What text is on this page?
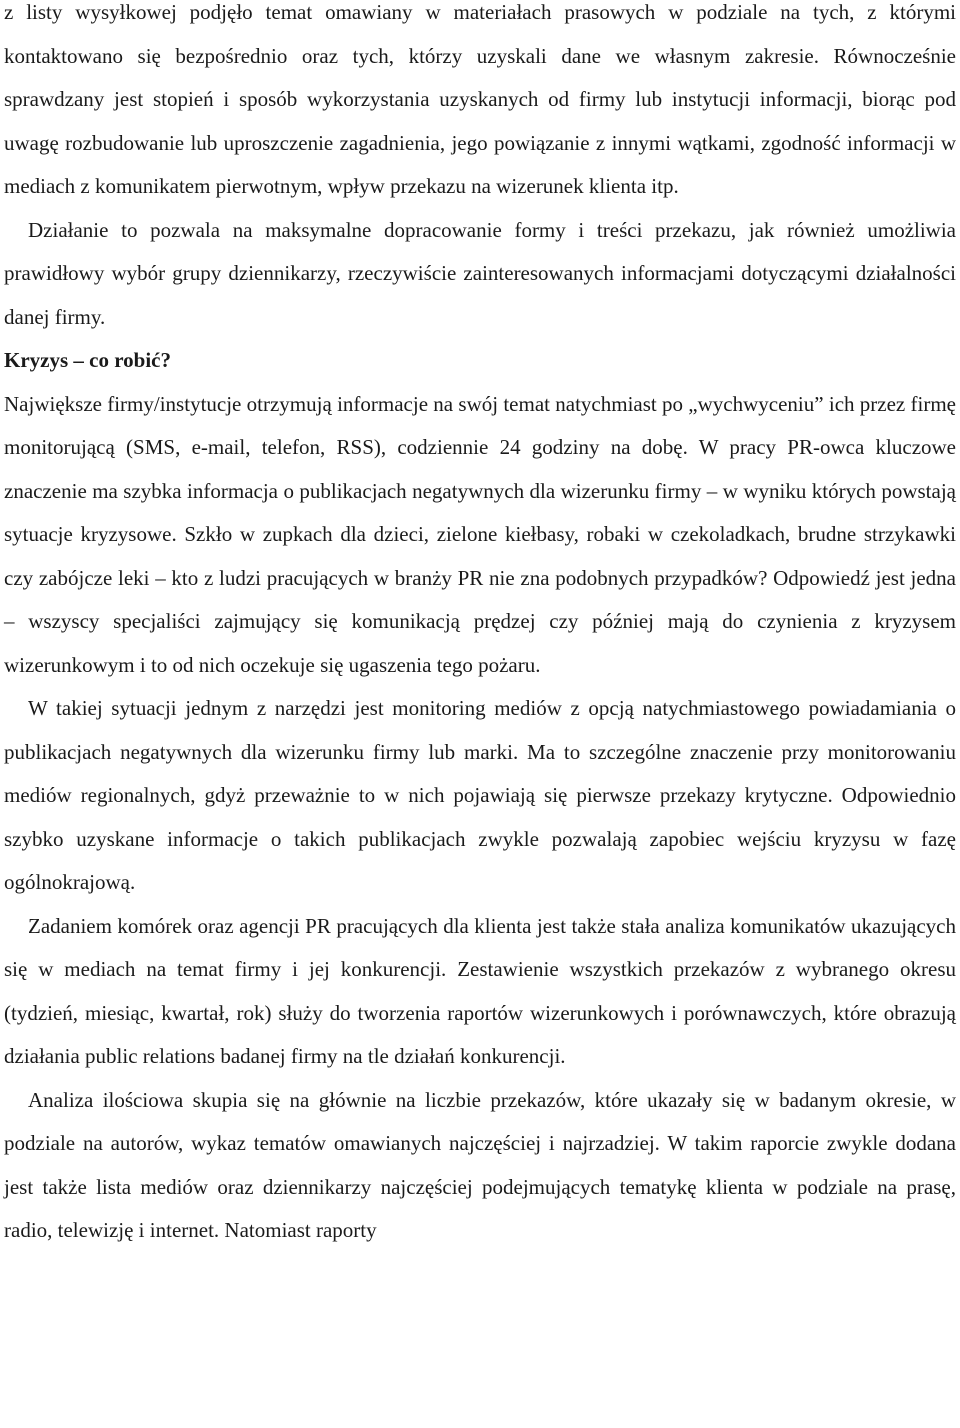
z listy wysyłkowej podjęło temat omawiany w materiałach prasowych w podziale na tych, z którymi kontaktowano się bezpośrednio oraz tych, którzy uzyskali dane we własnym zakresie. Równocześnie sprawdzany jest stopień i sposób wykorzystania uzyskanych od firmy lub instytucji informacji, biorąc pod uwagę rozbudowanie lub uproszczenie zagadnienia, jego powiązanie z innymi wątkami, zgodność informacji w mediach z komunikatem pierwotnym, wpływ przekazu na wizerunek klienta itp.

Działanie to pozwala na maksymalne dopracowanie formy i treści przekazu, jak również umożliwia prawidłowy wybór grupy dziennikarzy, rzeczywiście zainteresowanych informacjami dotyczącymi działalności danej firmy.

Kryzys – co robić?

Największe firmy/instytucje otrzymują informacje na swój temat natychmiast po „wychwyceniu” ich przez firmę monitorującą (SMS, e-mail, telefon, RSS), codziennie 24 godziny na dobę. W pracy PR-owca kluczowe znaczenie ma szybka informacja o publikacjach negatywnych dla wizerunku firmy – w wyniku których powstają sytuacje kryzysowe. Szkło w zupkach dla dzieci, zielone kiełbasy, robaki w czekoladkach, brudne strzykawki czy zabójcze leki – kto z ludzi pracujących w branży PR nie zna podobnych przypadków? Odpowiedź jest jedna – wszyscy specjaliści zajmujący się komunikacją prędzej czy później mają do czynienia z kryzysem wizerunkowym i to od nich oczekuje się ugaszenia tego pożaru.

W takiej sytuacji jednym z narzędzi jest monitoring mediów z opcją natychmiastowego powiadamiania o publikacjach negatywnych dla wizerunku firmy lub marki. Ma to szczególne znaczenie przy monitorowaniu mediów regionalnych, gdyż przeważnie to w nich pojawiają się pierwsze przekazy krytyczne. Odpowiednio szybko uzyskane informacje o takich publikacjach zwykle pozwalają zapobiec wejściu kryzysu w fazę ogólnokrajową.

Zadaniem komórek oraz agencji PR pracujących dla klienta jest także stała analiza komunikatów ukazujących się w mediach na temat firmy i jej konkurencji. Zestawienie wszystkich przekazów z wybranego okresu (tydzień, miesiąc, kwartał, rok) służy do tworzenia raportów wizerunkowych i porównawczych, które obrazują działania public relations badanej firmy na tle działań konkurencji.

Analiza ilościowa skupia się na głównie na liczbie przekazów, które ukazały się w badanym okresie, w podziale na autorów, wykaz tematów omawianych najczęściej i najrzadziej. W takim raporcie zwykle dodana jest także lista mediów oraz dziennikarzy najczęściej podejmujących tematykę klienta w podziale na prasę, radio, telewizję i internet. Natomiast raporty
